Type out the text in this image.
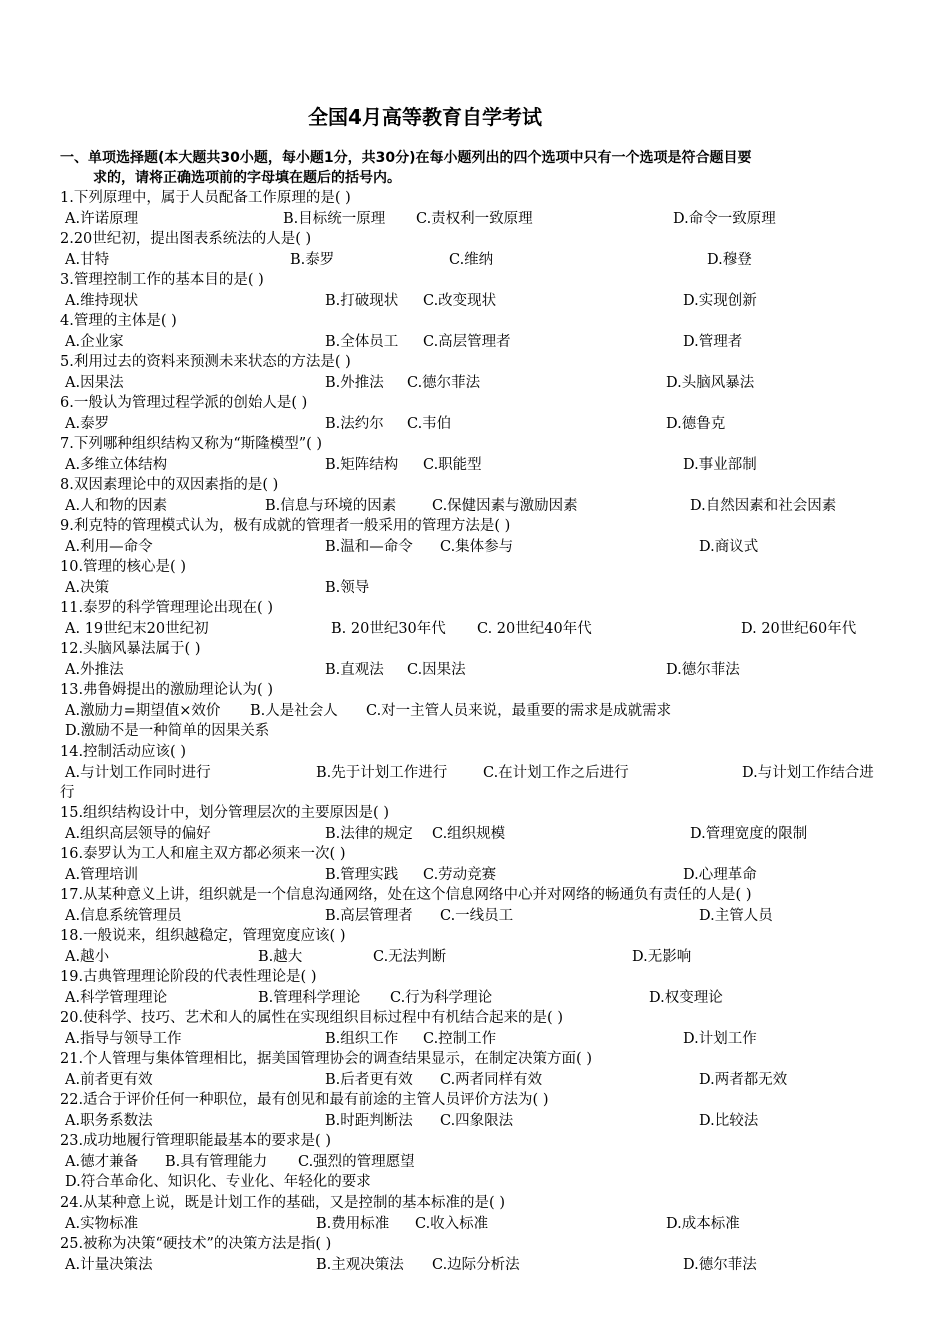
全国4月高等教育自学考试
一、单项选择题(本大题共30小题，每小题1分，共30分)在每小题列出的四个选项中只有一个选项是符合题目要
求的，请将正确选项前的字母填在题后的括号内。
1.下列原理中，属于人员配备工作原理的是( )
A.许诺原理	B.目标统一原理 C.责权利一致原理	D.命令一致原理
2.20世纪初，提出图表系统法的人是( )
A.甘特	B.泰罗	C.维纳	D.穆登
3.管理控制工作的基本目的是( )
A.维持现状	B.打破现状 C.改变现状	D.实现创新
4.管理的主体是( )
A.企业家	B.全体员工 C.高层管理者	D.管理者
5.利用过去的资料来预测未来状态的方法是( )
A.因果法	B.外推法 C.德尔菲法	D.头脑风暴法
6.一般认为管理过程学派的创始人是( )
A.泰罗	B.法约尔 C.韦伯	D.德鲁克
7.下列哪种组织结构又称为“斯隆模型”( )
A.多维立体结构	B.矩阵结构 C.职能型	D.事业部制
8.双因素理论中的双因素指的是( )
A.人和物的因素	B.信息与环境的因素 C.保健因素与激励因素	D.自然因素和社会因素
9.利克特的管理模式认为，极有成就的管理者一般采用的管理方法是( )
A.利用—命令	B.温和—命令 C.集体参与	D.商议式
10.管理的核心是( )
A.决策	B.领导
11.泰罗的科学管理理论出现在( )
A. 19世纪末20世纪初	B. 20世纪30年代 C. 20世纪40年代	D. 20世纪60年代
12.头脑风暴法属于( )
A.外推法	B.直观法 C.因果法	D.德尔菲法
13.弗鲁姆提出的激励理论认为( )
A.激励力=期望值×效价 B.人是社会人 C.对一主管人员来说，最重要的需求是成就需求
D.激励不是一种简单的因果关系
14.控制活动应该( )
A.与计划工作同时进行	B.先于计划工作进行 C.在计划工作之后进行	D.与计划工作结合进
行
15.组织结构设计中，划分管理层次的主要原因是( )
A.组织高层领导的偏好	B.法律的规定 C.组织规模	D.管理宽度的限制
16.泰罗认为工人和雇主双方都必须来一次( )
A.管理培训	B.管理实践 C.劳动竞赛	D.心理革命
17.从某种意义上讲，组织就是一个信息沟通网络，处在这个信息网络中心并对网络的畅通负有责任的人是( )
A.信息系统管理员	B.高层管理者 C.一线员工	D.主管人员
18.一般说来，组织越稳定，管理宽度应该( )
A.越小	B.越大	C.无法判断	D.无影响
19.古典管理理论阶段的代表性理论是( )
A.科学管理理论	B.管理科学理论 C.行为科学理论	D.权变理论
20.使科学、技巧、艺术和人的属性在实现组织目标过程中有机结合起来的是( )
A.指导与领导工作	B.组织工作 C.控制工作	D.计划工作
21.个人管理与集体管理相比，据美国管理协会的调查结果显示，在制定决策方面( )
A.前者更有效	B.后者更有效 C.两者同样有效	D.两者都无效
22.适合于评价任何一种职位，最有创见和最有前途的主管人员评价方法为( )
A.职务系数法	B.时距判断法 C.四象限法	D.比较法
23.成功地履行管理职能最基本的要求是( )
A.德才兼备 B.具有管理能力 C.强烈的管理愿望
D.符合革命化、知识化、专业化、年轻化的要求
24.从某种意上说，既是计划工作的基础，又是控制的基本标准的是( )
A.实物标准	B.费用标准 C.收入标准	D.成本标准
25.被称为决策“硬技术”的决策方法是指( )
A.计量决策法	B.主观决策法 C.边际分析法	D.德尔菲法
